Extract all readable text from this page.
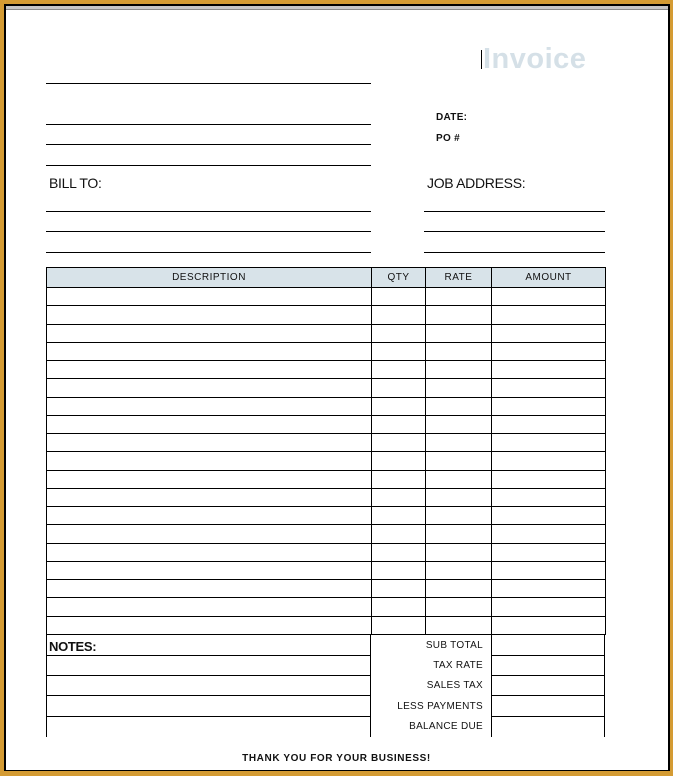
Invoice
DATE:
PO #
BILL TO:	JOB ADDRESS:
DESCRIPTION	QTY	RATE	AMOUNT

NOTES:	SUB TOTAL
TAX RATE
SALES TAX
LESS PAYMENTS
BALANCE DUE
THANK YOU FOR YOUR BUSINESS!
